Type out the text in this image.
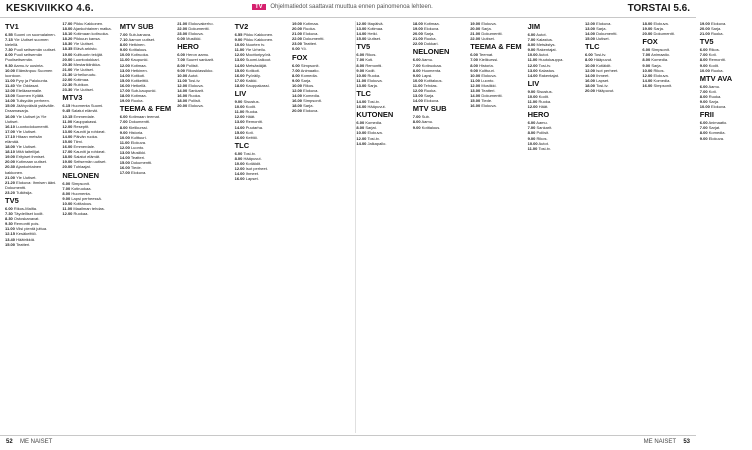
KESKIVIIKKO 4.6.	TV Ohjelmatiedot saattavat muuttua ennen painomenoa lehteen.	TORSTAI 5.6.
TV1
6.55 Suomi on suomalainen.
7.15 Yle Uutiset suomen kielellä.
7.30 Puoli seitsemän uutiset.
8.00 Puoli seitsemän Puoliseitsemän.
9.30 Aamu-tv uusinta.
10.00 Elämänpuu Suomen luontoon.
11.00 Pyry ja Palokunta.
11.40 Yle Oddasat.
12.00 Eteläasemalle.
13.00 Suomen Kylätä.
14.00 Tulisydän perheen.
15.00 Jäähyväisiä ystävälle. Draamasarja.
16.00 Yle Uutiset ja Yle Uutiset.
16.10 Luontodokumentti.
17.00 Yle Uutiset.
17.10 Hitaan metsän elämää.
18.00 Yle Uutiset.
18.10 Mitä taiteilijat.
19.00 Erityiset ihmiset.
20.00 Kotimaan uutiset.
20.30 Ajankohtainen kakkonen.
21.00 Yle Uutiset.
21.20 Elokuva: Ihmisen ääni. Dokumentti.
23.20 Tulkitsija.
TV5
6.00 Rikos-Mailta.
7.30 Täydelliset kodit.
8.30 Ostoskanavat.
9.30 Remontti pois.
11.00 Viisi pientä juttua.
12.15 Kesäkeittiö.
13.40 Häätrikkiä.
15.00 Teatteri.
17.00 Pikku Kakkonen.
18.00 Ajankohtainen matka.
18.10 Kotimaan kotiruoka.
18.20 Pikkuun kansa.
18.30 Yle Uutiset.
18.35 Elävä arkisto.
19.00 Kulttuurin tekijät.
20.00 Luontodokkari.
20.30 Mestariklinikka.
21.00 Yle Uutiset.
21.30 Urheiluruutu.
22.00 Kotimaa.
22.30 Rubikon.
23.30 Yle Uutiset.
MTV3
6.15 Huomenta Suomi.
9.45 Salatut elämät.
10.15 Emmerdale.
11.00 Kauppakassi.
12.00 Reseptit.
13.00 Kauniit ja rohkeat.
14.00 Päivän ruoka.
15.00 Tiimi.
16.00 Emmerdale.
17.00 Kauniit ja rohkeat.
18.00 Salatut elämät.
19.00 Seitsemän uutiset.
20.00 Tuhlaajat.
NELONEN
6.00 Simpsonit.
7.00 Kotiruokaa.
8.00 Huomenta.
9.00 Lapsi perheessä.
10.00 Kotitalous.
11.00 Maailman tehdas.
12.00 Ruokaa.
MTV SUB
7.00 Sub-kanava.
7.10 Aamun uutiset.
8.00 Hetkinen.
9.00 Kotitalous.
10.00 Kotiruoka.
11.00 Kaupunki.
12.00 Kotimaa.
13.00 Hetkinen.
14.00 Kotikoti.
15.00 Kotikeittiö.
16.00 Hetkellä.
17.00 Sub-kaupunki.
18.00 Kotimaa.
19.00 Ruoka.
TEEMA & FEM
6.00 Kotimaan teemat.
7.00 Dokumentti.
8.00 Kielikurssi.
9.00 Historia.
10.00 Kulttuuri.
11.00 Elokuva.
12.00 Luonto.
13.00 Musiikki.
14.00 Teatteri.
15.00 Dokumentti.
16.00 Tiede.
17.00 Elokuva.
21.00 Elokuvakerho.
22.00 Dokumentti.
23.00 Elokuva.
0.00 Musiikki.
HERO
6.00 Heron aamu.
7.00 Suuret sankarit.
8.00 Poliisit.
9.00 Rikosklassikko.
10.00 Autot.
11.00 Tosi-tv.
12.00 Elokuva.
14.00 Sankarit.
16.00 Ruoka.
18.00 Poliisit.
20.00 Elokuva.
TV2
6.55 Pikku Kakkonen.
9.00 Pikku Kakkonen.
10.00 Nuorten tv.
11.00 Yle Urheilu.
12.00 Moottoripyörä.
13.00 Suomi-talkoot.
14.00 Metsästäjät.
15.00 Kotikoti.
16.00 Pyöräily.
17.00 Kaikki.
18.00 Kauppakassi.
LIV
9.00 Sisustus.
10.00 Kodit.
11.00 Ruoka.
12.00 Häät.
13.00 Remontit.
14.00 Puutarha.
15.00 Koti.
16.00 Keittiö.
TLC
6.00 Tosi-tv.
8.00 Hääpuvut.
10.00 Kotiäidit.
12.00 Isot perheet.
14.00 Ihmeet.
16.00 Lapset.
19.00 Kotimaa.
20.00 Ruoka.
21.00 Elokuva.
22.00 Dokumentti.
23.00 Teatteri.
0.00 Yö.
FOX
6.00 Simpsonit.
7.00 Animaatio.
8.00 Komedia.
9.00 Sarja.
10.00 Rikos.
12.00 Elokuva.
14.00 Komedia.
16.00 Simpsonit.
18.00 Sarja.
20.00 Elokuva.
12.00 Iltapäivä.
13.00 Kotimaa.
14.00 Hetki.
15.00 Uutiset.
TV5
6.00 Rikos.
7.00 Koti.
8.00 Remontti.
9.00 Kodit.
10.00 Ruoka.
11.00 Elokuva.
13.00 Sarja.
TLC
14.00 Tosi-tv.
16.00 Hääpuvut.
KUTONEN
6.00 Komedia.
8.00 Sarjat.
10.00 Elokuva.
12.00 Tosi-tv.
14.00 Jalkapallo.
18.00 Kotimaa.
19.00 Elokuva.
20.00 Sarja.
21.00 Ruoka.
22.00 Dokkari.
NELONEN
6.00 Aamu.
7.00 Kotiruokaa.
8.00 Huomenta.
9.00 Lapsi.
10.00 Kotitalous.
11.00 Tehdas.
12.00 Ruoka.
13.00 Sarja.
14.00 Elokuva.
MTV SUB
7.00 Sub.
8.00 Aamu.
9.00 Kotitalous.
19.00 Elokuva.
20.00 Sarja.
21.00 Dokumentti.
22.00 Uutiset.
TEEMA & FEM
6.00 Teemat.
7.00 Kielikurssi.
8.00 Historia.
9.00 Kulttuuri.
10.00 Elokuva.
11.00 Luonto.
12.00 Musiikki.
13.00 Teatteri.
14.00 Dokumentti.
15.00 Tiede.
16.00 Elokuva.
JIM
6.00 Autot.
7.00 Kalastus.
8.00 Metsästys.
9.00 Rakentajat.
10.00 Autot.
11.00 Huutokauppa.
12.00 Tosi-tv.
13.00 Kalastus.
14.00 Rakentajat.
LIV
9.00 Sisustus.
10.00 Kodit.
11.00 Ruoka.
12.00 Häät.
HERO
6.00 Aamu.
7.00 Sankarit.
8.00 Poliisit.
9.00 Rikos.
10.00 Autot.
11.00 Tosi-tv.
12.00 Elokuva.
13.00 Sarja.
14.00 Dokumentti.
15.00 Uutiset.
TLC
6.00 Tosi-tv.
8.00 Hääpuvut.
10.00 Kotiäidit.
12.00 Isot perheet.
14.00 Ihmeet.
16.00 Lapset.
18.00 Tosi-tv.
20.00 Hääpuvut.
18.00 Elokuva.
19.00 Sarja.
20.00 Dokumentti.
FOX
6.00 Simpsonit.
7.00 Animaatio.
8.00 Komedia.
9.00 Sarja.
10.00 Rikos.
12.00 Elokuva.
14.00 Komedia.
16.00 Simpsonit.
19.00 Elokuva.
20.00 Sarja.
21.00 Ruoka.
TV5
6.00 Rikos.
7.00 Koti.
8.00 Remontti.
9.00 Kodit.
10.00 Ruoka.
MTV AVA
6.00 Aamu.
7.00 Koti.
8.00 Ruoka.
9.00 Sarja.
10.00 Elokuva.
FRII
6.00 Animaatio.
7.00 Sarjat.
8.00 Komedia.
9.00 Elokuva.
52 ME NAISET	ME NAISET 53
